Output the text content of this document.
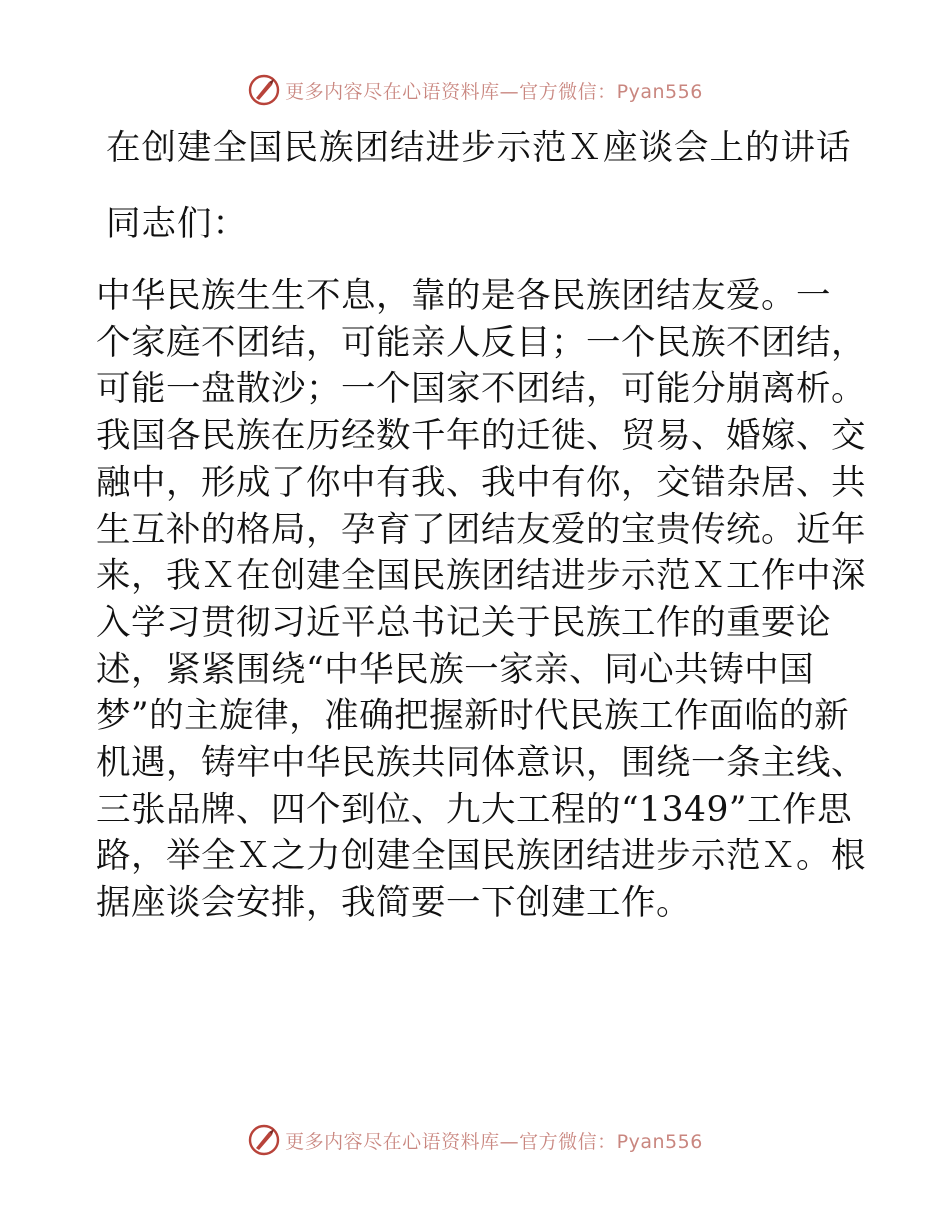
更多内容尽在心语资料库—官方微信：Pyan556
在创建全国民族团结进步示范Ｘ座谈会上的讲话
同志们：
中华民族生生不息，靠的是各民族团结友爱。一
个家庭不团结，可能亲人反目；一个民族不团结，
可能一盘散沙；一个国家不团结，可能分崩离析。
我国各民族在历经数千年的迁徙、贸易、婚嫁、交
融中，形成了你中有我、我中有你，交错杂居、共
生互补的格局，孕育了团结友爱的宝贵传统。近年
来，我Ｘ在创建全国民族团结进步示范Ｘ工作中深
入学习贯彻习近平总书记关于民族工作的重要论
述，紧紧围绕“中华民族一家亲、同心共铸中国
梦”的主旋律，准确把握新时代民族工作面临的新
机遇，铸牢中华民族共同体意识，围绕一条主线、
三张品牌、四个到位、九大工程的“1349”工作思
路，举全Ｘ之力创建全国民族团结进步示范Ｘ。根
据座谈会安排，我简要一下创建工作。
更多内容尽在心语资料库—官方微信：Pyan556
